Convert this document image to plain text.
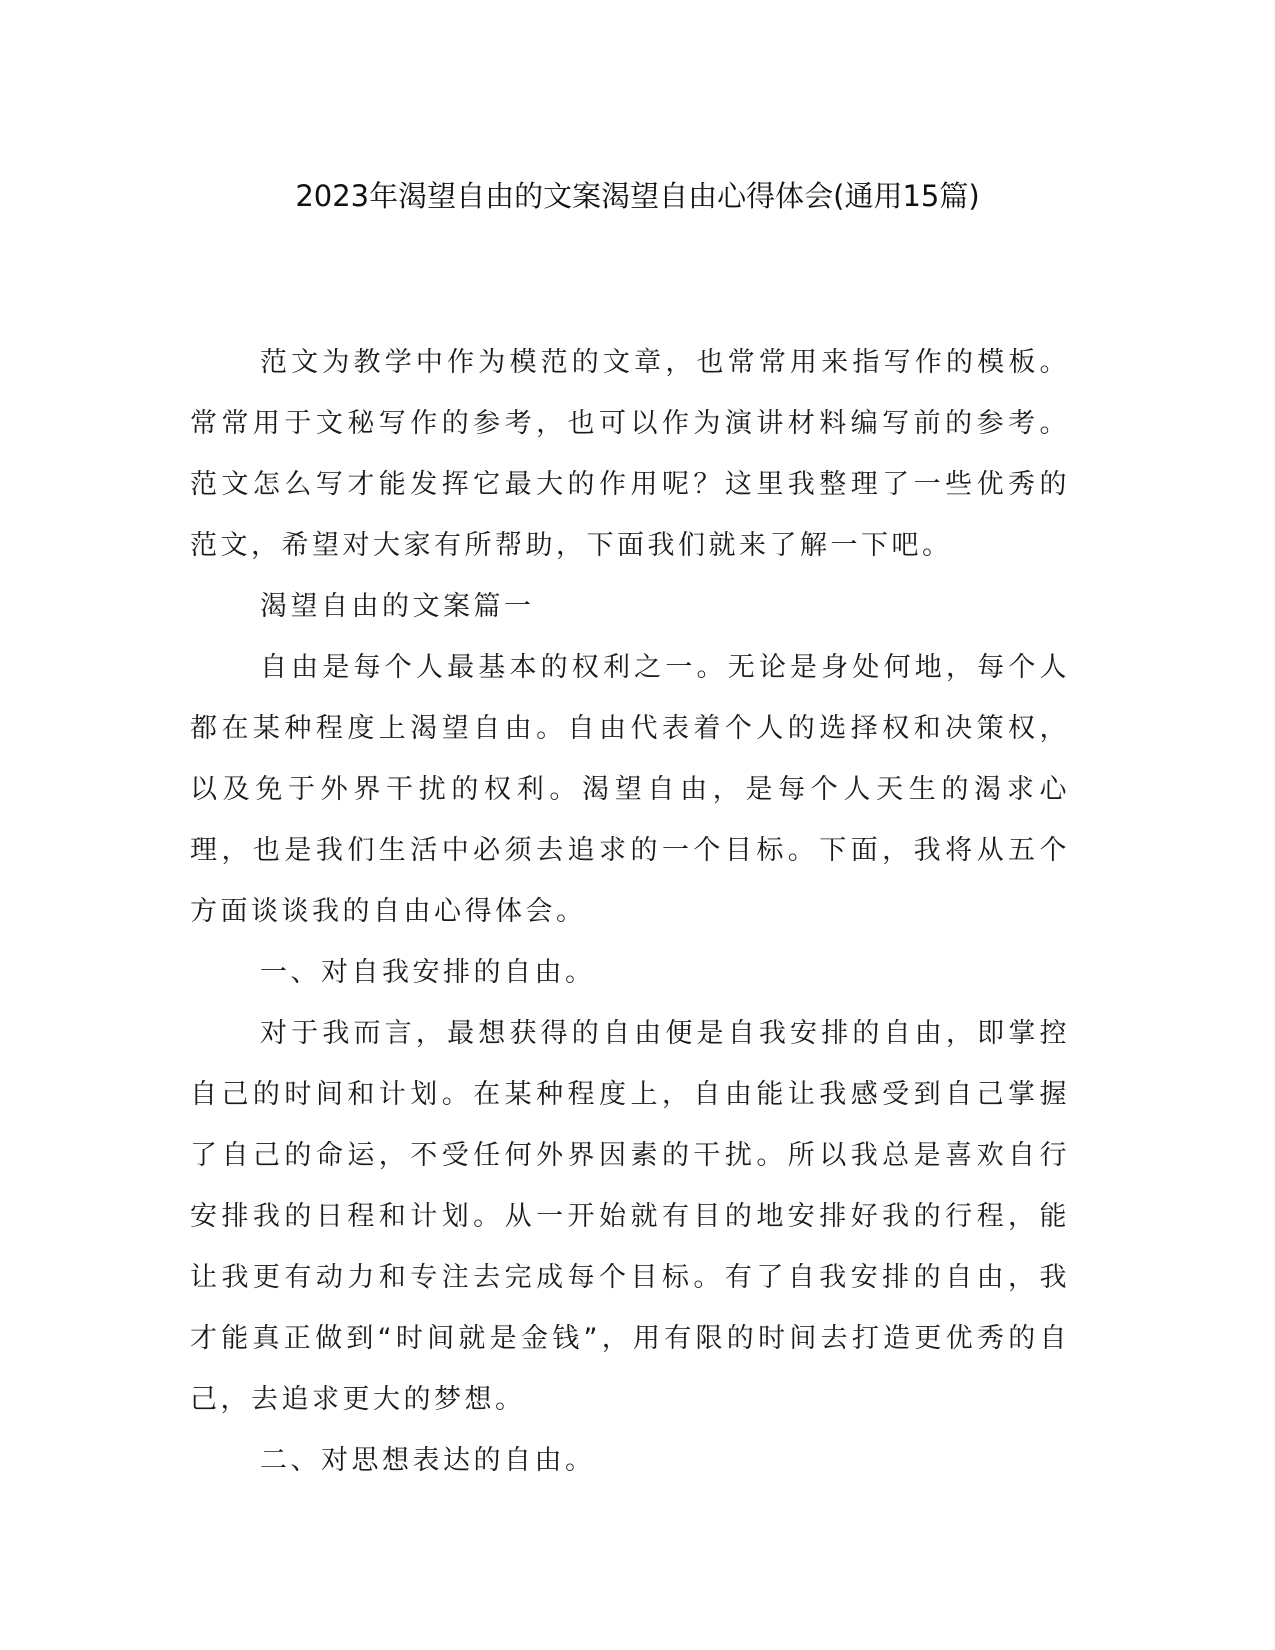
2023年渴望自由的文案渴望自由心得体会(通用15篇)

范文为教学中作为模范的文章，也常常用来指写作的模板。常常用于文秘写作的参考，也可以作为演讲材料编写前的参考。范文怎么写才能发挥它最大的作用呢？这里我整理了一些优秀的范文，希望对大家有所帮助，下面我们就来了解一下吧。

渴望自由的文案篇一

自由是每个人最基本的权利之一。无论是身处何地，每个人都在某种程度上渴望自由。自由代表着个人的选择权和决策权，以及免于外界干扰的权利。渴望自由，是每个人天生的渴求心理，也是我们生活中必须去追求的一个目标。下面，我将从五个方面谈谈我的自由心得体会。

一、对自我安排的自由。

对于我而言，最想获得的自由便是自我安排的自由，即掌控自己的时间和计划。在某种程度上，自由能让我感受到自己掌握了自己的命运，不受任何外界因素的干扰。所以我总是喜欢自行安排我的日程和计划。从一开始就有目的地安排好我的行程，能让我更有动力和专注去完成每个目标。有了自我安排的自由，我才能真正做到“时间就是金钱”，用有限的时间去打造更优秀的自己，去追求更大的梦想。

二、对思想表达的自由。
